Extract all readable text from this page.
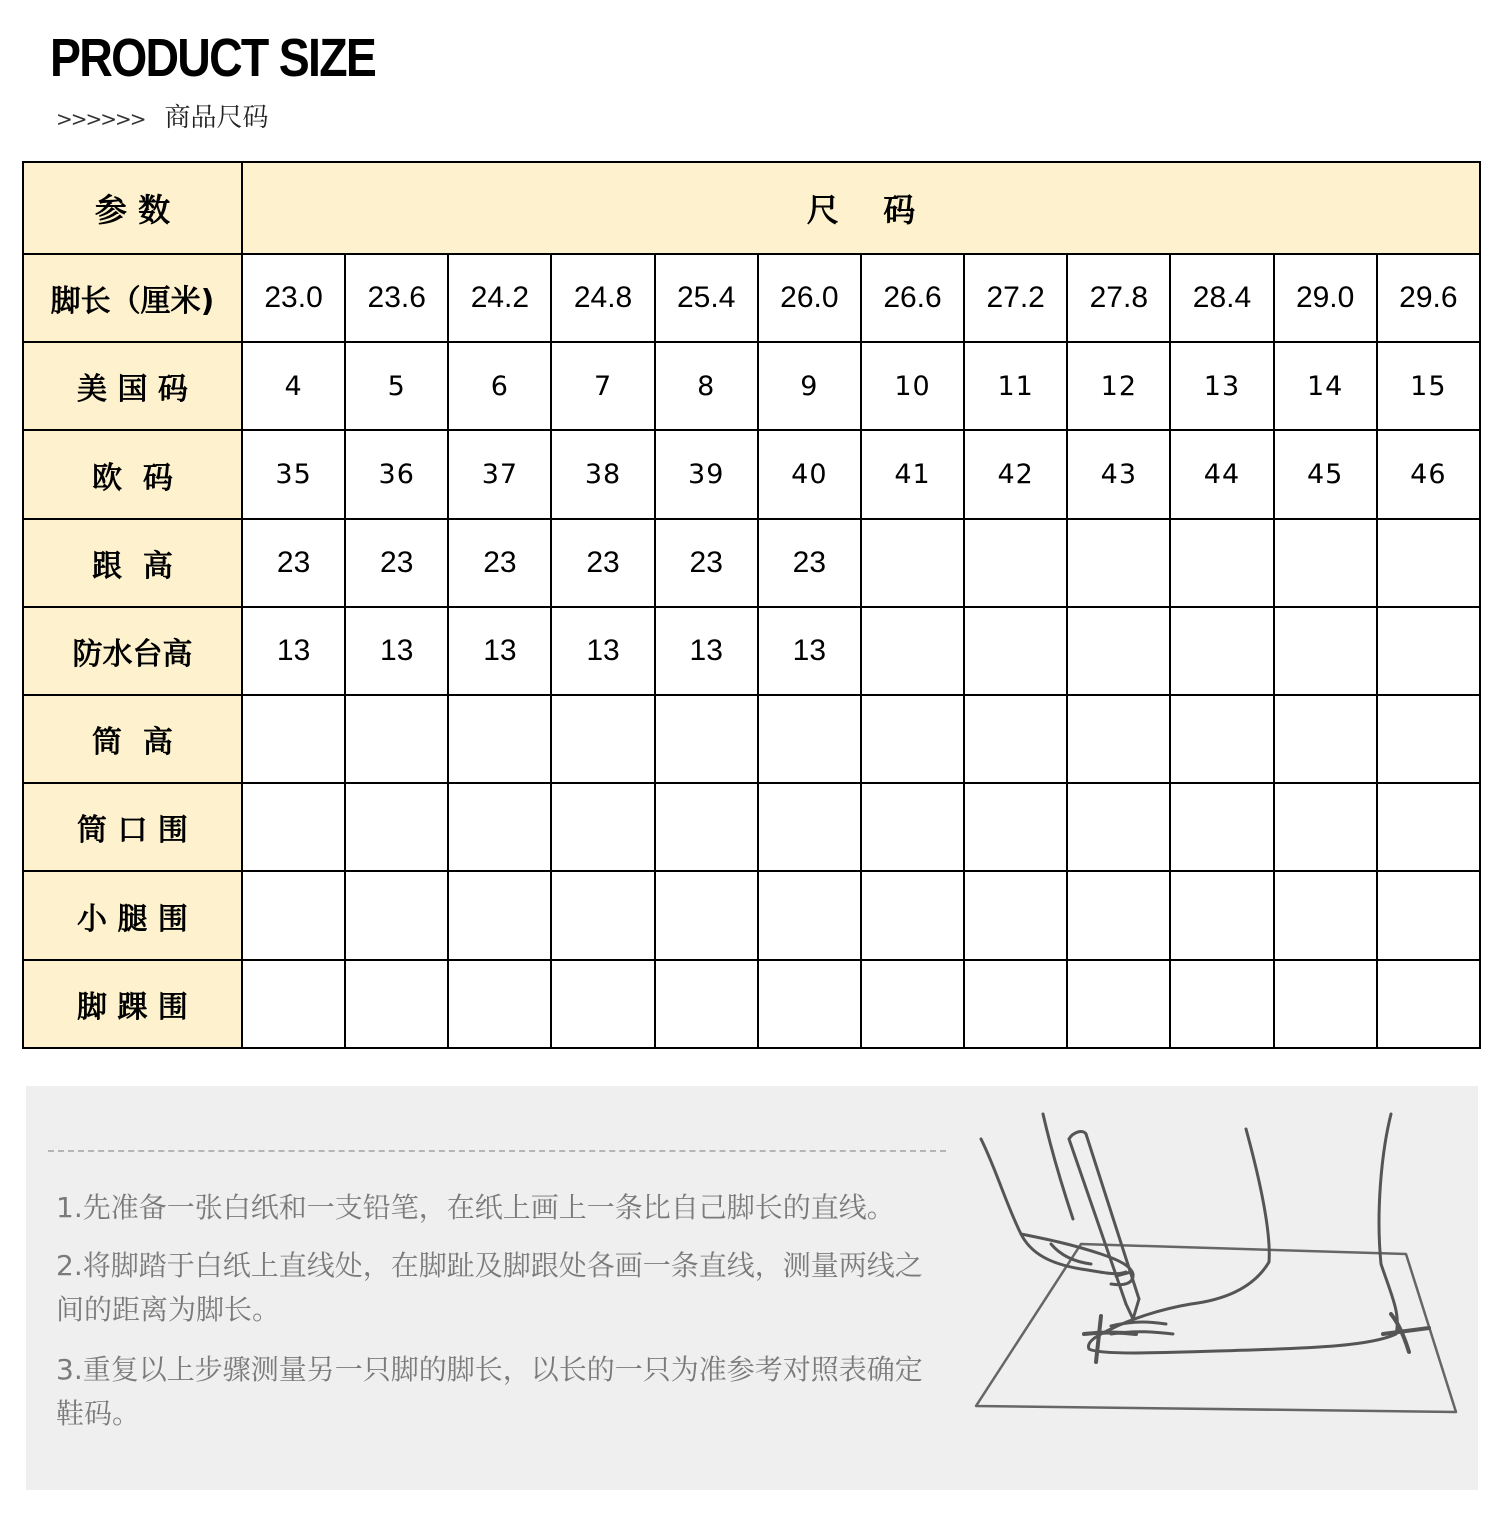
PRODUCT SIZE
>>>>>> 商品尺码
参 数	尺    码											
脚长（厘米)	23.0	23.6	24.2	24.8	25.4	26.0	26.6	27.2	27.8	28.4	29.0	29.6
美 国 码	4	5	6	7	8	9	10	11	12	13	14	15
欧  码	35	36	37	38	39	40	41	42	43	44	45	46
跟  高	23	23	23	23	23	23						
防水台高	13	13	13	13	13	13						
筒  高												
筒 口 围												
小 腿 围												
脚 踝 围												
1.先准备一张白纸和一支铅笔，在纸上画上一条比自己脚长的直线。
2.将脚踏于白纸上直线处，在脚趾及脚跟处各画一条直线，测量两线之间的距离为脚长。
3.重复以上步骤测量另一只脚的脚长，以长的一只为准参考对照表确定鞋码。
